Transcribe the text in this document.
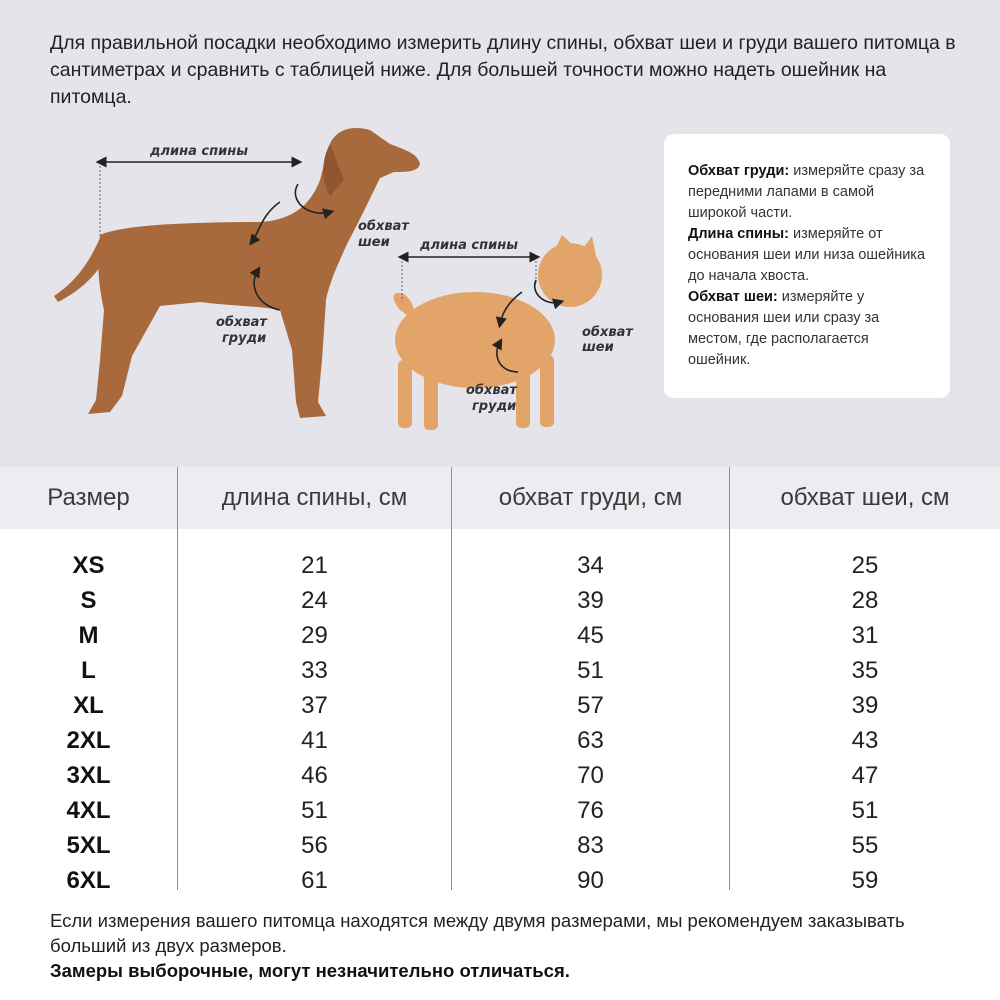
Для правильной посадки необходимо измерить длину спины, обхват шеи и груди вашего питомца в сантиметрах и сравнить с таблицей ниже. Для большей точности можно надеть ошейник на питомца.

длина спины
обхват
шеи
обхват
груди
длина спины
обхват
шеи
обхват
груди

Обхват груди: измеряйте сразу за передними лапами в самой широкой части.

Длина спины: измеряйте от основания шеи или низа ошейника до начала хвоста.

Обхват шеи: измеряйте у основания шеи или сразу за местом, где располагается ошейник.

Размер	длина спины, см	обхват груди, см	обхват шеи, см
XS	21	34	25
S	24	39	28
M	29	45	31
L	33	51	35
XL	37	57	39
2XL	41	63	43
3XL	46	70	47
4XL	51	76	51
5XL	56	83	55
6XL	61	90	59

Если измерения вашего питомца находятся между двумя размерами, мы рекомендуем заказывать больший из двух размеров.

Замеры выборочные, могут незначительно отличаться.
